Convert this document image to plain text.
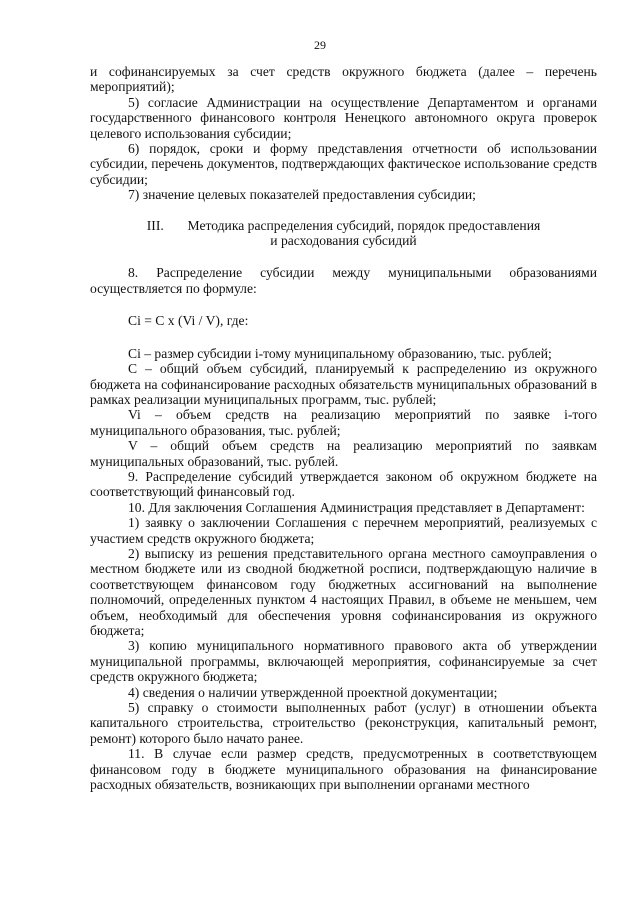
29

и софинансируемых за счет средств окружного бюджета (далее – перечень мероприятий);

5) согласие Администрации на осуществление Департаментом и органами государственного финансового контроля Ненецкого автономного округа проверок целевого использования субсидии;

6) порядок, сроки и форму представления отчетности об использовании субсидии, перечень документов, подтверждающих фактическое использование средств субсидии;

7) значение целевых показателей предоставления субсидии;

III.       Методика распределения субсидий, порядок предоставления
и расходования субсидий

8. Распределение субсидии между муниципальными образованиями осуществляется по формуле:

Ci = С x (Vi / V), где:

Ci – размер субсидии i-тому муниципальному образованию, тыс. рублей;

С – общий объем субсидий, планируемый к распределению из окружного бюджета на софинансирование расходных обязательств муниципальных образований в рамках реализации муниципальных программ, тыс. рублей;

Vi – объем средств на реализацию мероприятий по заявке i-того муниципального образования, тыс. рублей;

V – общий объем средств на реализацию мероприятий по заявкам муниципальных образований, тыс. рублей.

9. Распределение субсидий утверждается законом об окружном бюджете на соответствующий финансовый год.

10. Для заключения Соглашения Администрация представляет в Департамент:

1) заявку о заключении Соглашения с перечнем мероприятий, реализуемых с участием средств окружного бюджета;

2) выписку из решения представительного органа местного самоуправления о местном бюджете или из сводной бюджетной росписи, подтверждающую наличие в соответствующем финансовом году бюджетных ассигнований на выполнение полномочий, определенных пунктом 4 настоящих Правил, в объеме не меньшем, чем объем, необходимый для обеспечения уровня софинансирования из окружного бюджета;

3) копию муниципального нормативного правового акта об утверждении муниципальной программы, включающей мероприятия, софинансируемые за счет средств окружного бюджета;

4) сведения о наличии утвержденной проектной документации;

5) справку о стоимости выполненных работ (услуг) в отношении объекта капитального строительства, строительство (реконструкция, капитальный ремонт, ремонт) которого было начато ранее.

11. В случае если размер средств, предусмотренных в соответствующем финансовом году в бюджете муниципального образования на финансирование расходных обязательств, возникающих при выполнении органами местного
